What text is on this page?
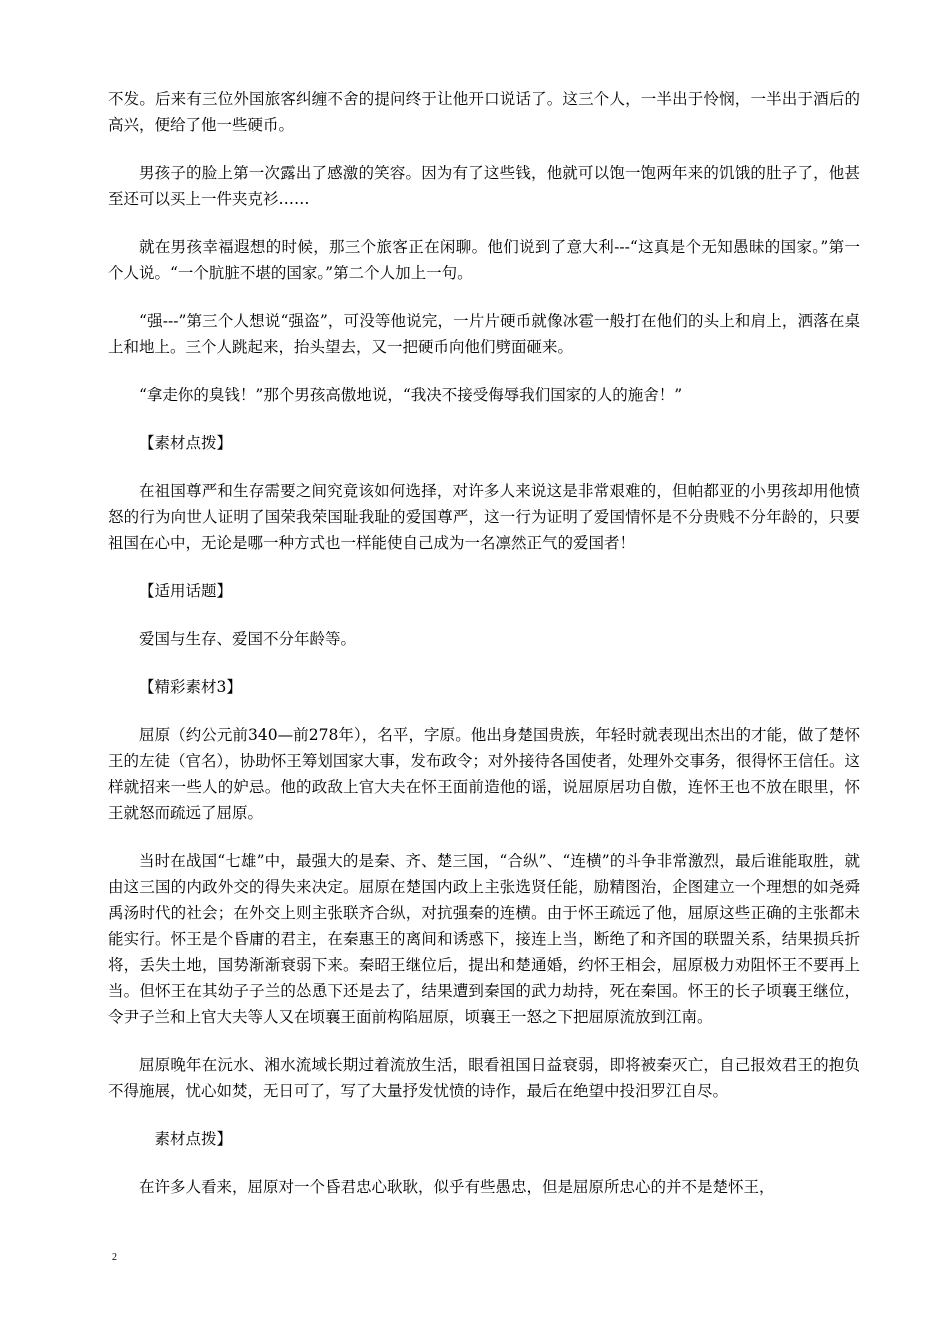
不发。后来有三位外国旅客纠缠不舍的提问终于让他开口说话了。这三个人，一半出于怜悯，一半出于酒后的高兴，便给了他一些硬币。

男孩子的脸上第一次露出了感激的笑容。因为有了这些钱，他就可以饱一饱两年来的饥饿的肚子了，他甚至还可以买上一件夹克衫……

就在男孩幸福遐想的时候，那三个旅客正在闲聊。他们说到了意大利---“这真是个无知愚昧的国家。”第一个人说。“一个肮脏不堪的国家。”第二个人加上一句。

“强---”第三个人想说“强盗”，可没等他说完，一片片硬币就像冰雹一般打在他们的头上和肩上，洒落在桌上和地上。三个人跳起来，抬头望去，又一把硬币向他们劈面砸来。

“拿走你的臭钱！”那个男孩高傲地说，“我决不接受侮辱我们国家的人的施舍！”

【素材点拨】

在祖国尊严和生存需要之间究竟该如何选择，对许多人来说这是非常艰难的，但帕都亚的小男孩却用他愤怒的行为向世人证明了国荣我荣国耻我耻的爱国尊严，这一行为证明了爱国情怀是不分贵贱不分年龄的，只要祖国在心中，无论是哪一种方式也一样能使自己成为一名凛然正气的爱国者！

【适用话题】

爱国与生存、爱国不分年龄等。

【精彩素材3】

屈原（约公元前340—前278年），名平，字原。他出身楚国贵族，年轻时就表现出杰出的才能，做了楚怀王的左徒（官名），协助怀王筹划国家大事，发布政令；对外接待各国使者，处理外交事务，很得怀王信任。这样就招来一些人的妒忌。他的政敌上官大夫在怀王面前造他的谣，说屈原居功自傲，连怀王也不放在眼里，怀王就怒而疏远了屈原。

当时在战国“七雄”中，最强大的是秦、齐、楚三国，“合纵”、“连横”的斗争非常激烈，最后谁能取胜，就由这三国的内政外交的得失来决定。屈原在楚国内政上主张选贤任能，励精图治，企图建立一个理想的如尧舜禹汤时代的社会；在外交上则主张联齐合纵，对抗强秦的连横。由于怀王疏远了他，屈原这些正确的主张都未能实行。怀王是个昏庸的君主，在秦惠王的离间和诱惑下，接连上当，断绝了和齐国的联盟关系，结果损兵折将，丢失土地，国势渐渐衰弱下来。秦昭王继位后，提出和楚通婚，约怀王相会，屈原极力劝阻怀王不要再上当。但怀王在其幼子子兰的怂恿下还是去了，结果遭到秦国的武力劫持，死在秦国。怀王的长子顷襄王继位，令尹子兰和上官大夫等人又在顷襄王面前构陷屈原，顷襄王一怒之下把屈原流放到江南。

屈原晚年在沅水、湘水流域长期过着流放生活，眼看祖国日益衰弱，即将被秦灭亡，自己报效君王的抱负不得施展，忧心如焚，无日可了，写了大量抒发忧愤的诗作，最后在绝望中投汨罗江自尽。

素材点拨】

在许多人看来，屈原对一个昏君忠心耿耿，似乎有些愚忠，但是屈原所忠心的并不是楚怀王，

2
